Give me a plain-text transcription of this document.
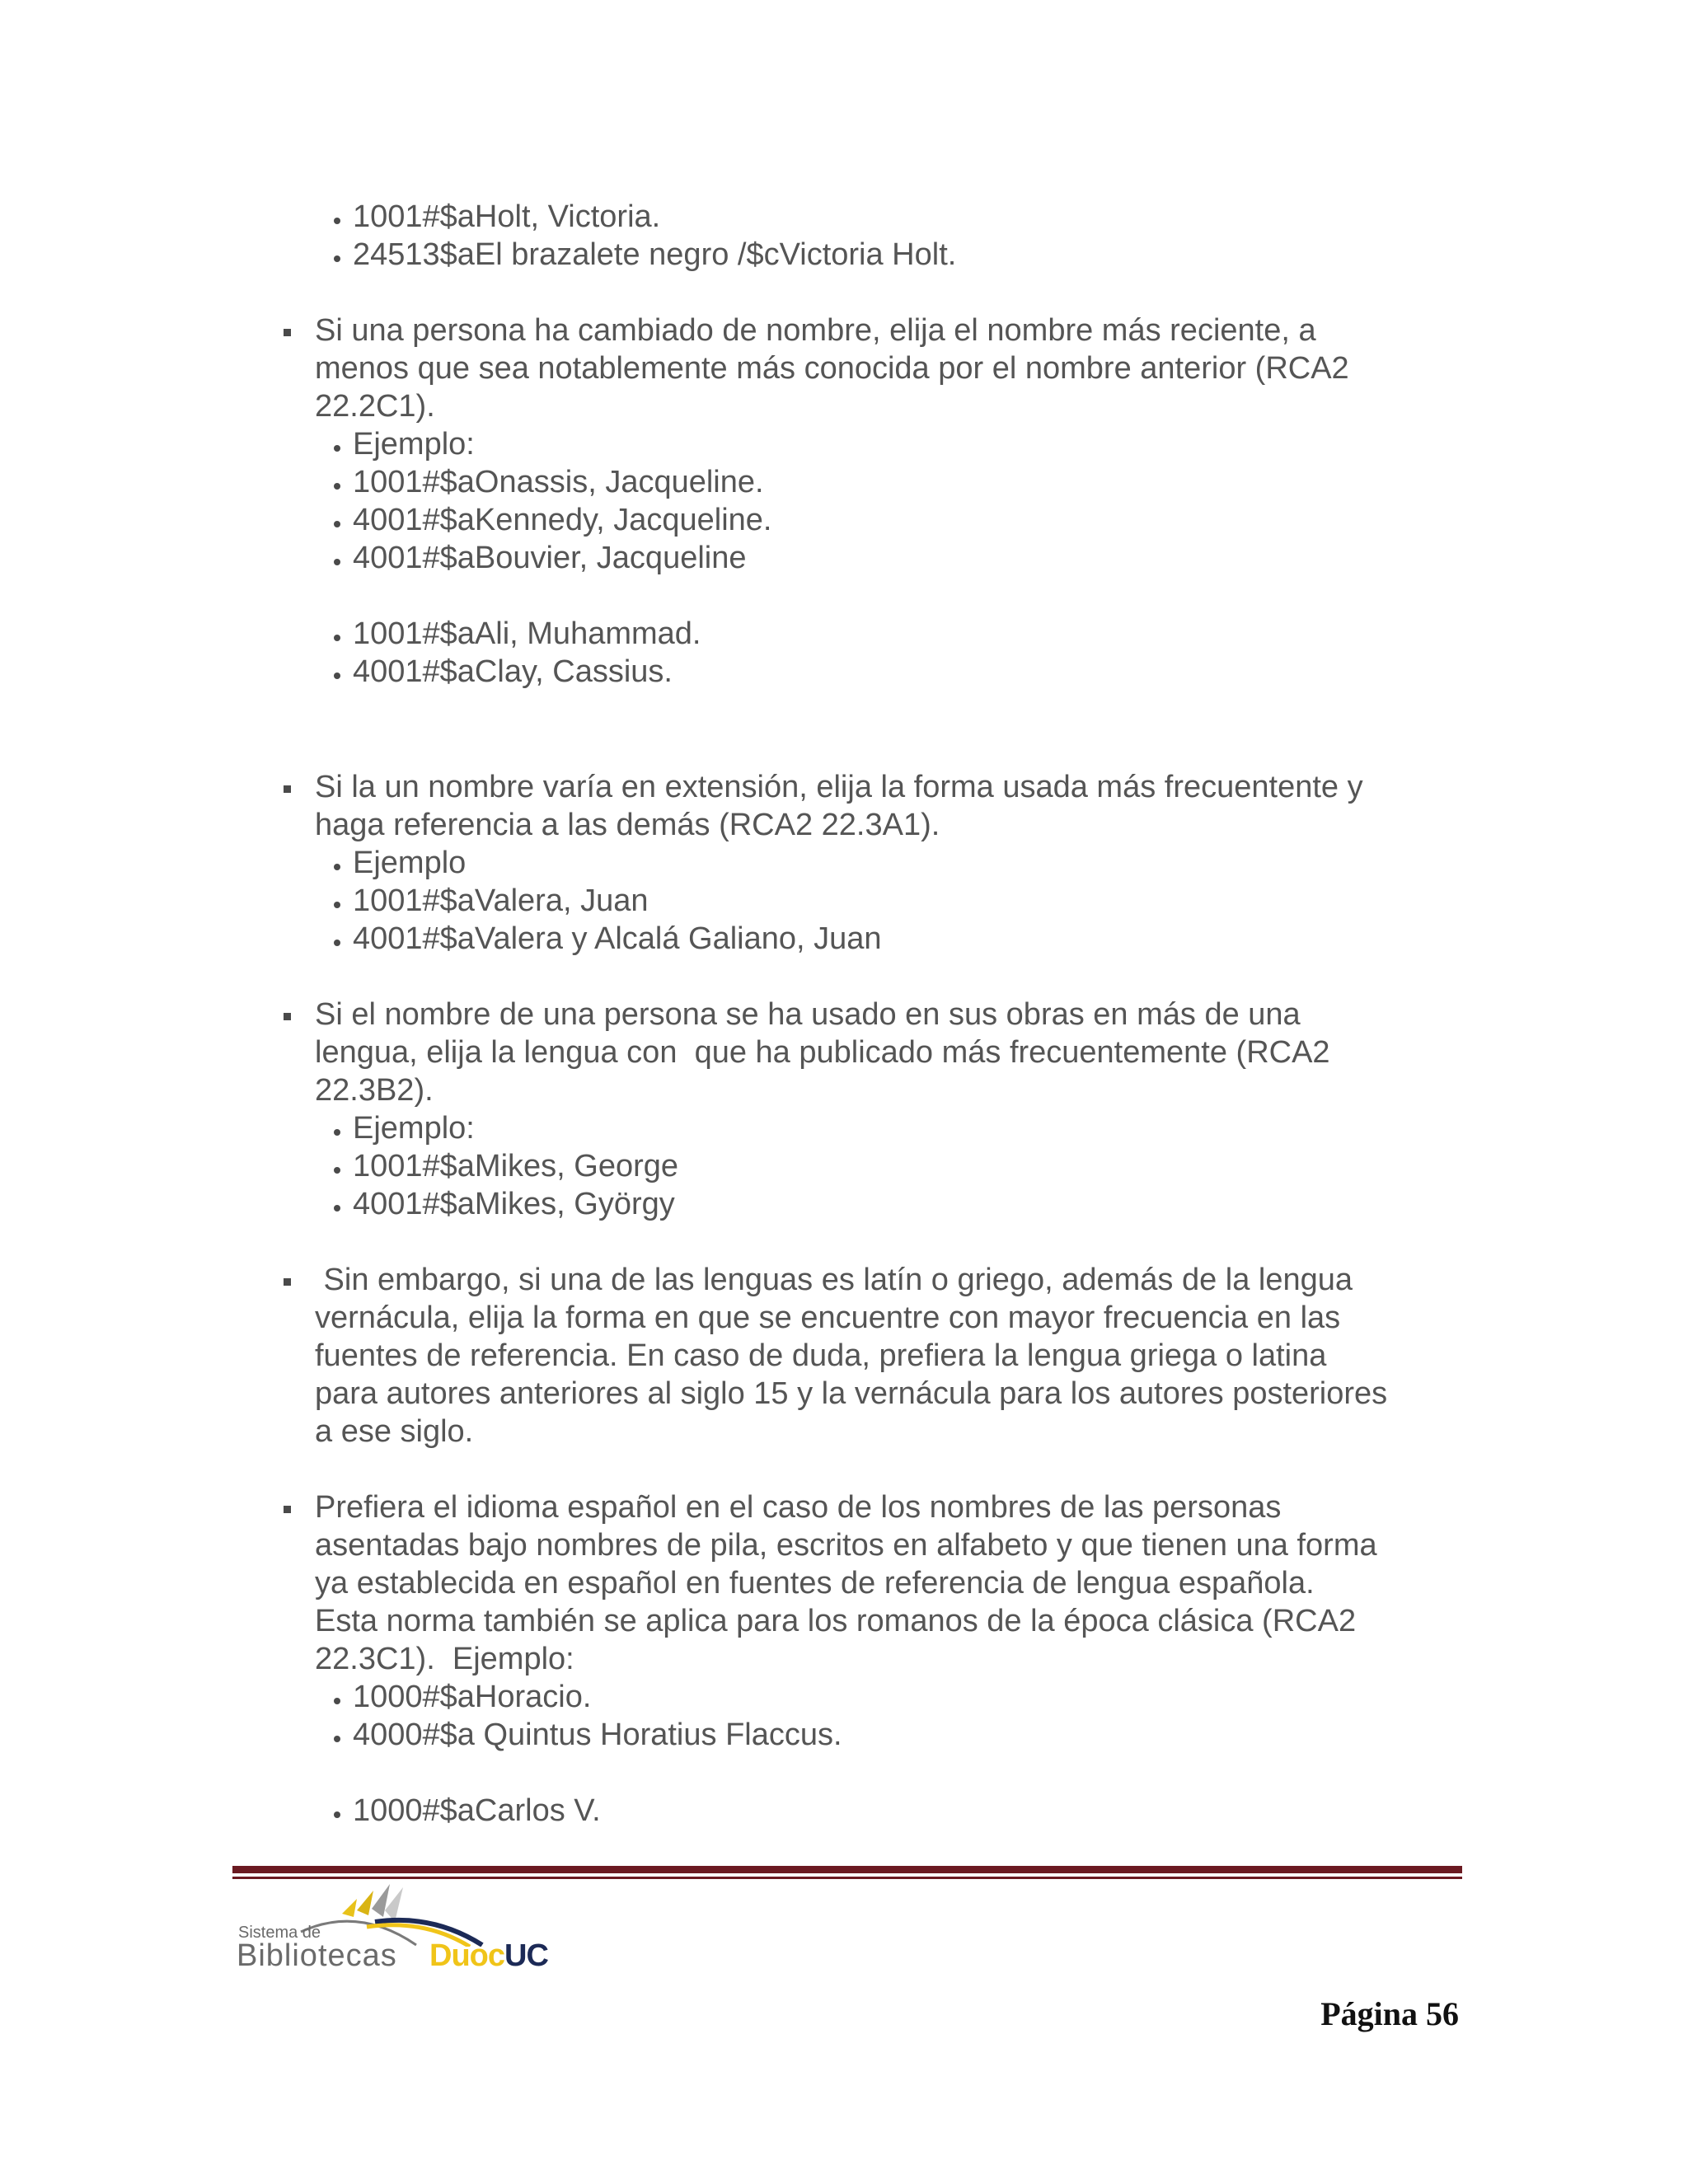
1001#$aHolt, Victoria.
24513$aEl brazalete negro /$cVictoria Holt.
Si una persona ha cambiado de nombre, elija el nombre más reciente, a
menos que sea notablemente más conocida por el nombre anterior (RCA2
22.2C1).
Ejemplo:
1001#$aOnassis, Jacqueline.
4001#$aKennedy, Jacqueline.
4001#$aBouvier, Jacqueline
1001#$aAli, Muhammad.
4001#$aClay, Cassius.
Si la un nombre varía en extensión, elija la forma usada más frecuentente y
haga referencia a las demás (RCA2 22.3A1).
Ejemplo
1001#$aValera, Juan
4001#$aValera y Alcalá Galiano, Juan
Si el nombre de una persona se ha usado en sus obras en más de una
lengua, elija la lengua con  que ha publicado más frecuentemente (RCA2
22.3B2).
Ejemplo:
1001#$aMikes, George
4001#$aMikes, György
Sin embargo, si una de las lenguas es latín o griego, además de la lengua
vernácula, elija la forma en que se encuentre con mayor frecuencia en las
fuentes de referencia. En caso de duda, prefiera la lengua griega o latina
para autores anteriores al siglo 15 y la vernácula para los autores posteriores
a ese siglo.
Prefiera el idioma español en el caso de los nombres de las personas
asentadas bajo nombres de pila, escritos en alfabeto y que tienen una forma
ya establecida en español en fuentes de referencia de lengua española.
Esta norma también se aplica para los romanos de la época clásica (RCA2
22.3C1).  Ejemplo:
1000#$aHoracio.
4000#$a Quintus Horatius Flaccus.
1000#$aCarlos V.
Sistema de
Bibliotecas DuocUC
Página 56
